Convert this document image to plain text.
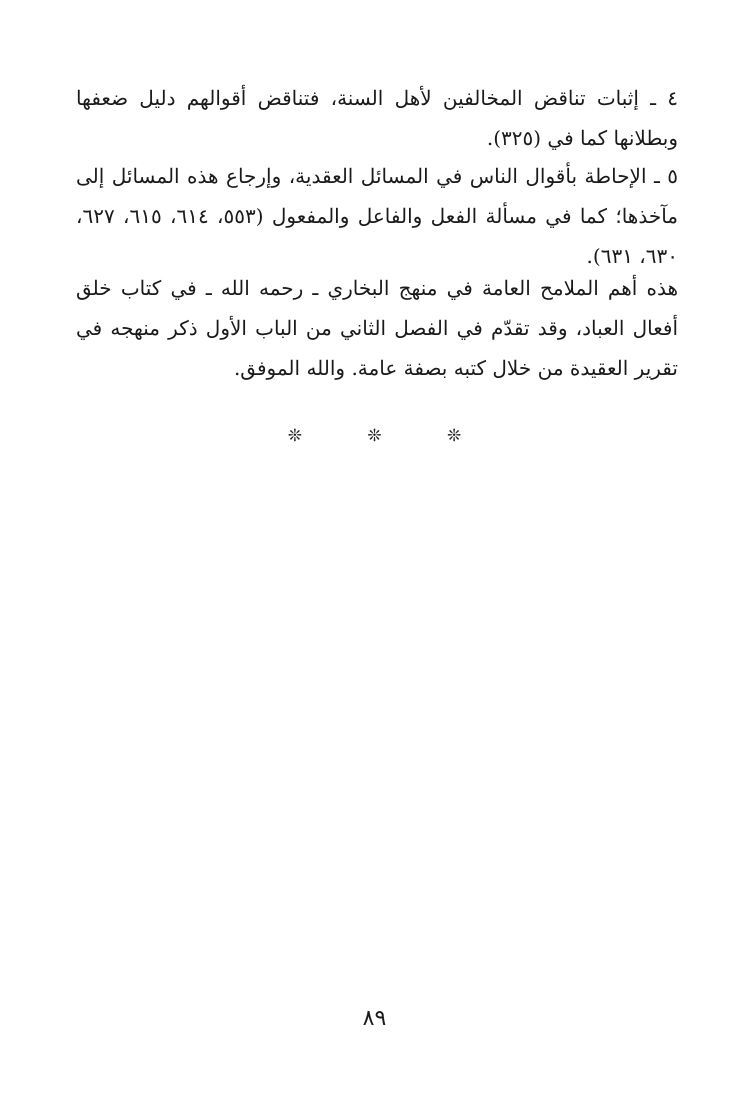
٤ ـ إثبات تناقض المخالفين لأهل السنة، فتناقض أقوالهم دليل ضعفها وبطلانها كما في (٣٢٥).

٥ ـ الإحاطة بأقوال الناس في المسائل العقدية، وإرجاع هذه المسائل إلى مآخذها؛ كما في مسألة الفعل والفاعل والمفعول (٥٥٣، ٦١٤، ٦١٥، ٦٢٧، ٦٣٠، ٦٣١).

هذه أهم الملامح العامة في منهج البخاري ـ رحمه الله ـ في كتاب خلق أفعال العباد، وقد تقدّم في الفصل الثاني من الباب الأول ذكر منهجه في تقرير العقيدة من خلال كتبه بصفة عامة. والله الموفق.

❊ ❊ ❊
٨٩
